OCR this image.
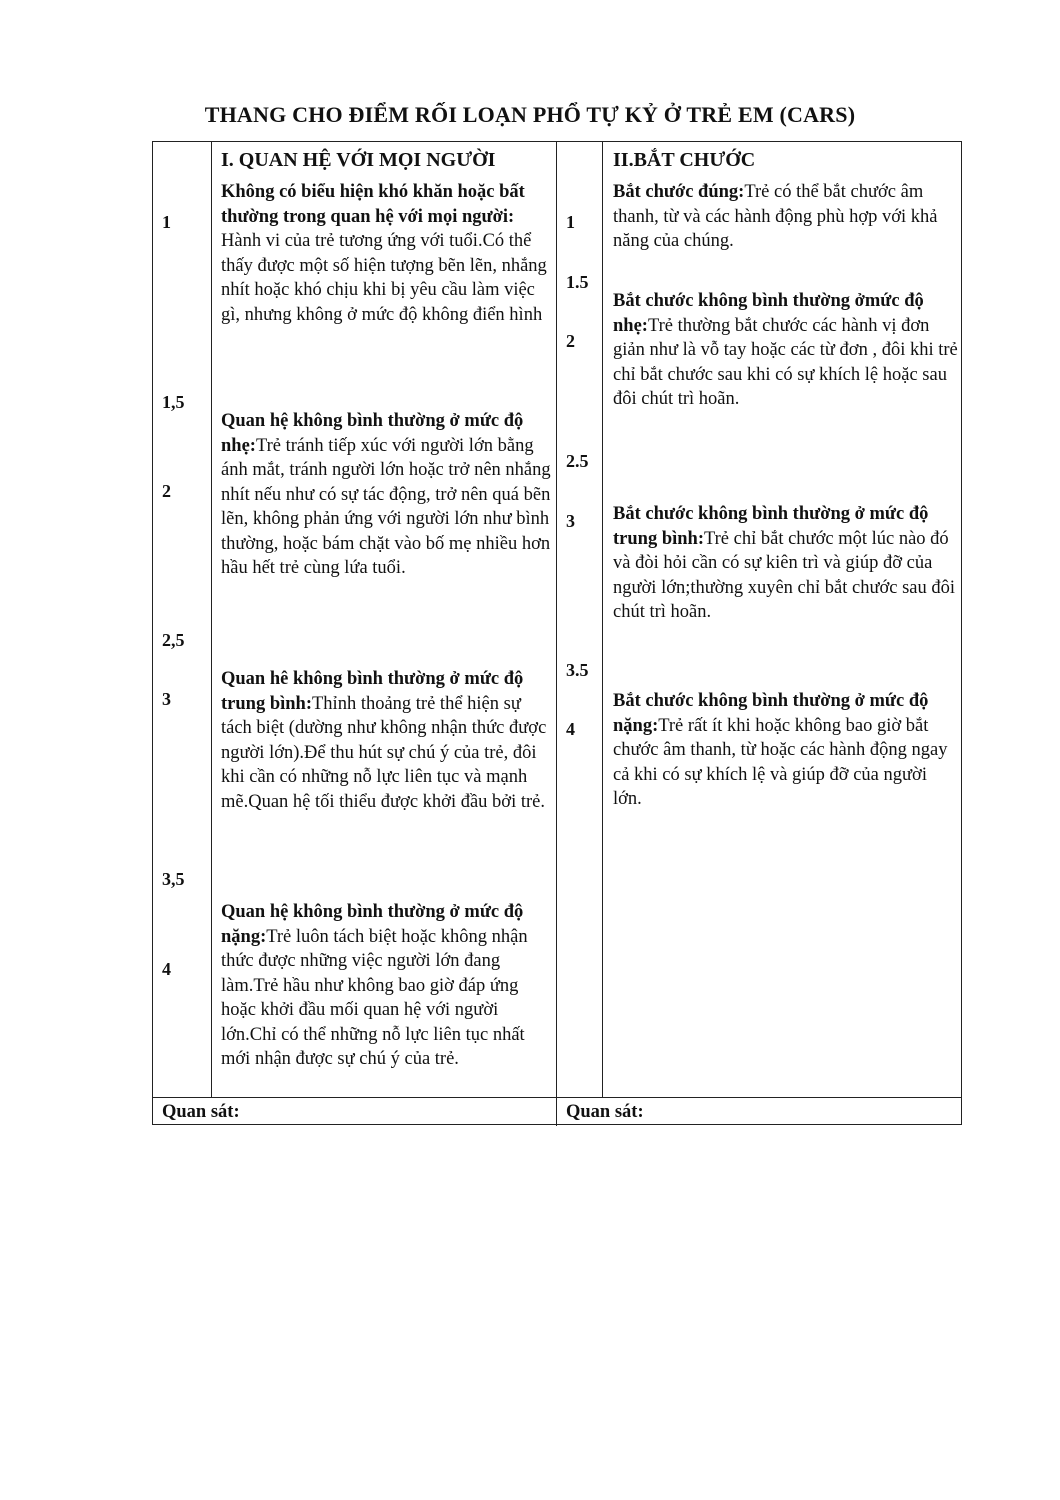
THANG CHO ĐIỂM RỐI LOẠN PHỔ TỰ KỶ Ở TRẺ EM (CARS)
1
1,5
2
2,5
3
3,5
4
I. QUAN HỆ VỚI MỌI NGƯỜI
Không có biểu hiện khó khăn hoặc bất thường trong quan hệ với mọi người: Hành vi của trẻ tương ứng với tuổi.Có thể thấy được một số hiện tượng bẽn lẽn, nhắng nhít hoặc khó chịu khi bị yêu cầu làm việc gì, nhưng không ở mức độ không điển hình
Quan hệ không bình thường ở mức độ nhẹ:Trẻ tránh tiếp xúc với người lớn bằng ánh mắt, tránh người lớn hoặc trở nên nhắng nhít nếu như có sự tác động, trở nên quá bẽn lẽn, không phản ứng với người lớn như bình thường, hoặc bám chặt vào bố mẹ nhiều hơn hầu hết trẻ cùng lứa tuổi.
Quan hê không bình thường ở mức độ trung bình:Thỉnh thoảng trẻ thể hiện sự tách biệt (dường như không nhận thức được người lớn).Để thu hút sự chú ý của trẻ, đôi khi cần có những nỗ lực liên tục và mạnh mẽ.Quan hệ tối thiểu được khởi đầu bởi trẻ.
Quan hệ không bình thường ở mức độ nặng:Trẻ luôn tách biệt hoặc không nhận thức được những việc người lớn đang làm.Trẻ hầu như không bao giờ đáp ứng hoặc khởi đầu mối quan hệ với người lớn.Chỉ có thể những nỗ lực liên tục nhất mới nhận được sự chú ý của trẻ.
1
1.5
2
2.5
3
3.5
4
II.BẮT CHƯỚC
Bắt chước đúng:Trẻ có thể bắt chước âm thanh, từ và các hành động phù hợp với khả năng của chúng.
Bắt chước không bình thường ởmức độ nhẹ:Trẻ thường bắt chước các hành vị đơn giản như là vỗ tay hoặc các từ đơn , đôi khi trẻ chỉ bắt chước sau khi có sự khích lệ hoặc sau đôi chút trì hoãn.
Bắt chước không bình thường ở mức độ trung bình:Trẻ chỉ bắt chước một lúc nào đó và đòi hỏi cần có sự kiên trì và giúp đỡ của người lớn;thường xuyên chỉ bắt chước sau đôi chút trì hoãn.
Bắt chước không bình thường ở mức độ nặng:Trẻ rất ít khi hoặc không bao giờ bắt chước âm thanh, từ hoặc các hành động ngay cả khi có sự khích lệ và giúp đỡ của người lớn.
Quan sát:	Quan sát:
